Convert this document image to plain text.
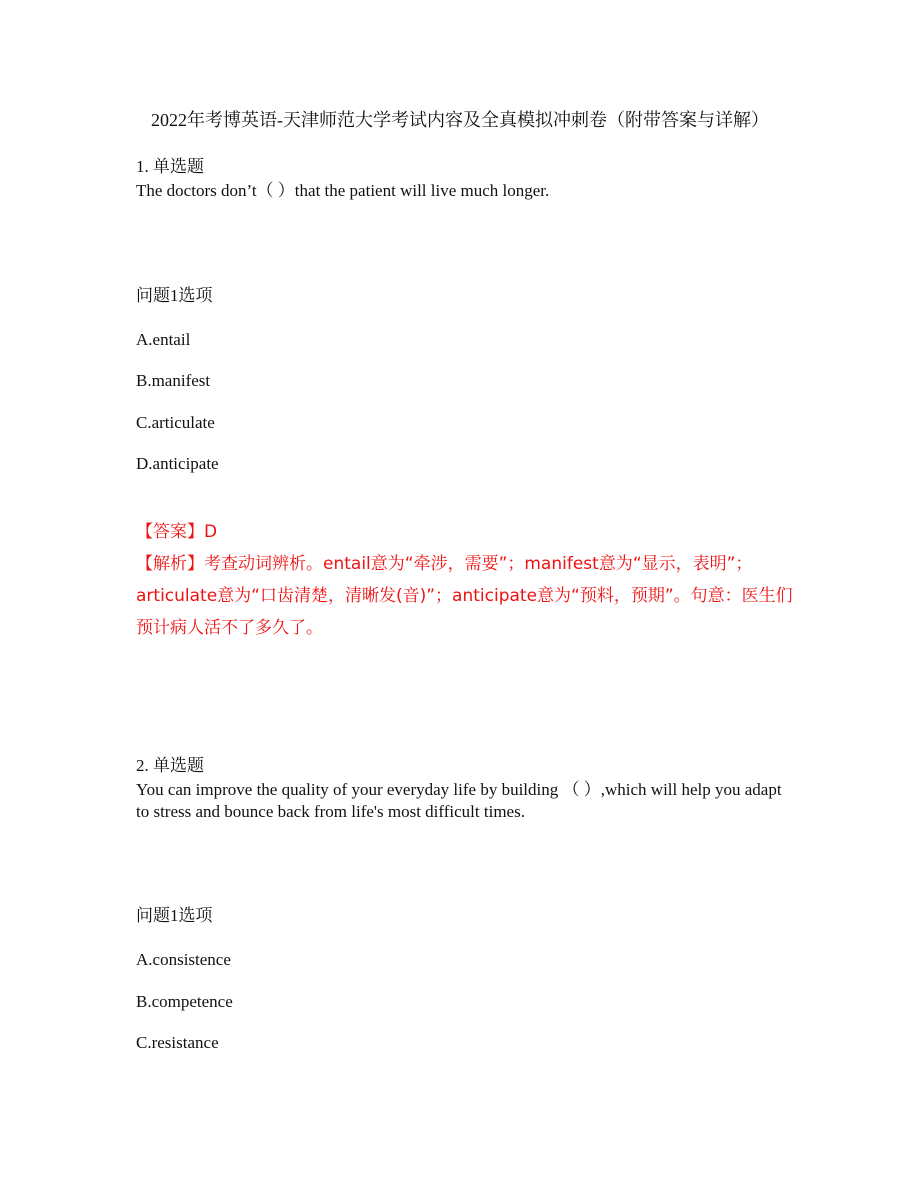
2022年考博英语-天津师范大学考试内容及全真模拟冲刺卷（附带答案与详解）
1. 单选题
The doctors don’t（ ）that the patient will live much longer.
问题1选项
A.entail
B.manifest
C.articulate
D.anticipate
【答案】D
【解析】考查动词辨析。entail意为“牵涉，需要”；manifest意为“显示，表明”；articulate意为“口齿清楚，清晰发(音)”；anticipate意为“预料，预期”。句意：医生们预计病人活不了多久了。
2. 单选题
You can improve the quality of your everyday life by building （ ）,which will help you adapt to stress and bounce back from life's most difficult times.
问题1选项
A.consistence
B.competence
C.resistance
